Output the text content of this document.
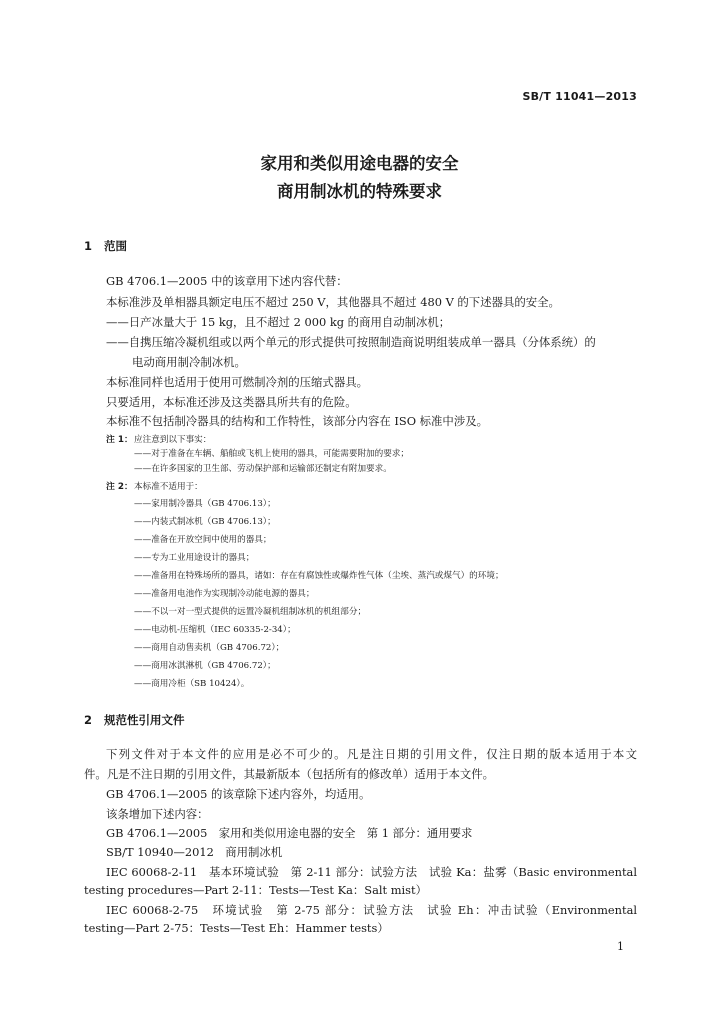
SB/T 11041—2013
家用和类似用途电器的安全
商用制冰机的特殊要求
1 范围
GB 4706.1—2005 中的该章用下述内容代替：
本标准涉及单相器具额定电压不超过 250 V，其他器具不超过 480 V 的下述器具的安全。
——日产冰量大于 15 kg，且不超过 2 000 kg 的商用自动制冰机；
——自携压缩冷凝机组或以两个单元的形式提供可按照制造商说明组装成单一器具（分体系统）的
电动商用制冷制冰机。
本标准同样也适用于使用可燃制冷剂的压缩式器具。
只要适用，本标准还涉及这类器具所共有的危险。
本标准不包括制冷器具的结构和工作特性，该部分内容在 ISO 标准中涉及。
注 1： 应注意到以下事实：
——对于准备在车辆、船舶或飞机上使用的器具，可能需要附加的要求；
——在许多国家的卫生部、劳动保护部和运输部还制定有附加要求。
注 2： 本标准不适用于：
——家用制冷器具（GB 4706.13）；
——内装式制冰机（GB 4706.13）；
——准备在开放空间中使用的器具；
——专为工业用途设计的器具；
——准备用在特殊场所的器具，诸如：存在有腐蚀性或爆炸性气体（尘埃、蒸汽或煤气）的环境；
——准备用电池作为实现制冷动能电源的器具；
——不以一对一型式提供的远置冷凝机组制冰机的机组部分；
——电动机-压缩机（IEC 60335-2-34）；
——商用自动售卖机（GB 4706.72）；
——商用冰淇淋机（GB 4706.72）；
——商用冷柜（SB 10424）。
2 规范性引用文件
下列文件对于本文件的应用是必不可少的。凡是注日期的引用文件，仅注日期的版本适用于本文
件。凡是不注日期的引用文件，其最新版本（包括所有的修改单）适用于本文件。
GB 4706.1—2005 的该章除下述内容外，均适用。
该条增加下述内容：
GB 4706.1—2005　家用和类似用途电器的安全　第 1 部分：通用要求
SB/T 10940—2012　商用制冰机
IEC 60068-2-11　基本环境试验　第 2-11 部分：试验方法　试验 Ka：盐雾（Basic environmental
testing procedures—Part 2-11：Tests—Test Ka：Salt mist）
IEC 60068-2-75　环境试验　第 2-75 部分：试验方法　试验 Eh：冲击试验（Environmental
testing—Part 2-75：Tests—Test Eh：Hammer tests）
1
